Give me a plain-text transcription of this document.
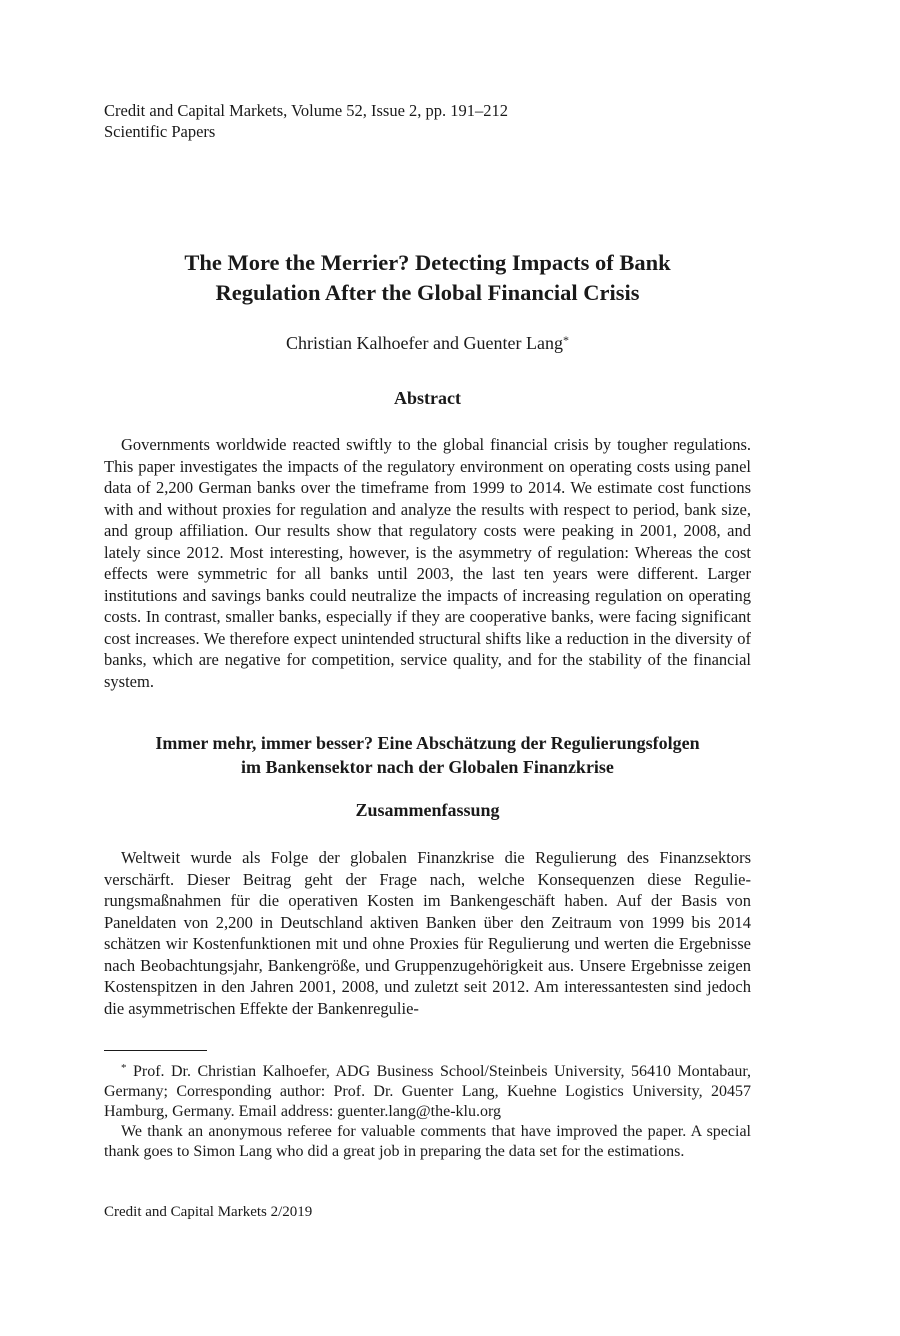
Credit and Capital Markets, Volume 52, Issue 2, pp. 191–212
Scientific Papers
The More the Merrier? Detecting Impacts of Bank
Regulation After the Global Financial Crisis
Christian Kalhoefer and Guenter Lang*
Abstract

Governments worldwide reacted swiftly to the global financial crisis by tougher regulations. This paper investigates the impacts of the regulatory environment on operating costs using panel data of 2,200 German banks over the timeframe from 1999 to 2014. We estimate cost functions with and without proxies for regulation and analyze the results with respect to period, bank size, and group affiliation. Our results show that regulatory costs were peaking in 2001, 2008, and lately since 2012. Most interesting, however, is the asymmetry of regulation: Whereas the cost effects were symmetric for all banks until 2003, the last ten years were different. Larger institutions and savings banks could neutralize the impacts of increasing regulation on operating costs. In contrast, smaller banks, especially if they are cooperative banks, were facing significant cost increases. We therefore expect unintended structural shifts like a reduction in the diversity of banks, which are negative for competition, service quality, and for the stability of the financial system.

Immer mehr, immer besser? Eine Abschätzung der Regulierungsfolgen
im Bankensektor nach der Globalen Finanzkrise
Zusammenfassung

Weltweit wurde als Folge der globalen Finanzkrise die Regulierung des Finanzsektors verschärft. Dieser Beitrag geht der Frage nach, welche Konsequenzen diese Regulierungsmaßnahmen für die operativen Kosten im Bankengeschäft haben. Auf der Basis von Paneldaten von 2,200 in Deutschland aktiven Banken über den Zeitraum von 1999 bis 2014 schätzen wir Kostenfunktionen mit und ohne Proxies für Regulierung und werten die Ergebnisse nach Beobachtungsjahr, Bankengröße, und Gruppenzugehörigkeit aus. Unsere Ergebnisse zeigen Kostenspitzen in den Jahren 2001, 2008, und zuletzt seit 2012. Am interessantesten sind jedoch die asymmetrischen Effekte der Bankenregulie-

* Prof. Dr. Christian Kalhoefer, ADG Business School/Steinbeis University, 56410 Montabaur, Germany; Corresponding author: Prof. Dr. Guenter Lang, Kuehne Logistics University, 20457 Hamburg, Germany. Email address: guenter.lang@the-klu.org

We thank an anonymous referee for valuable comments that have improved the paper. A special thank goes to Simon Lang who did a great job in preparing the data set for the estimations.

Credit and Capital Markets 2/2019
